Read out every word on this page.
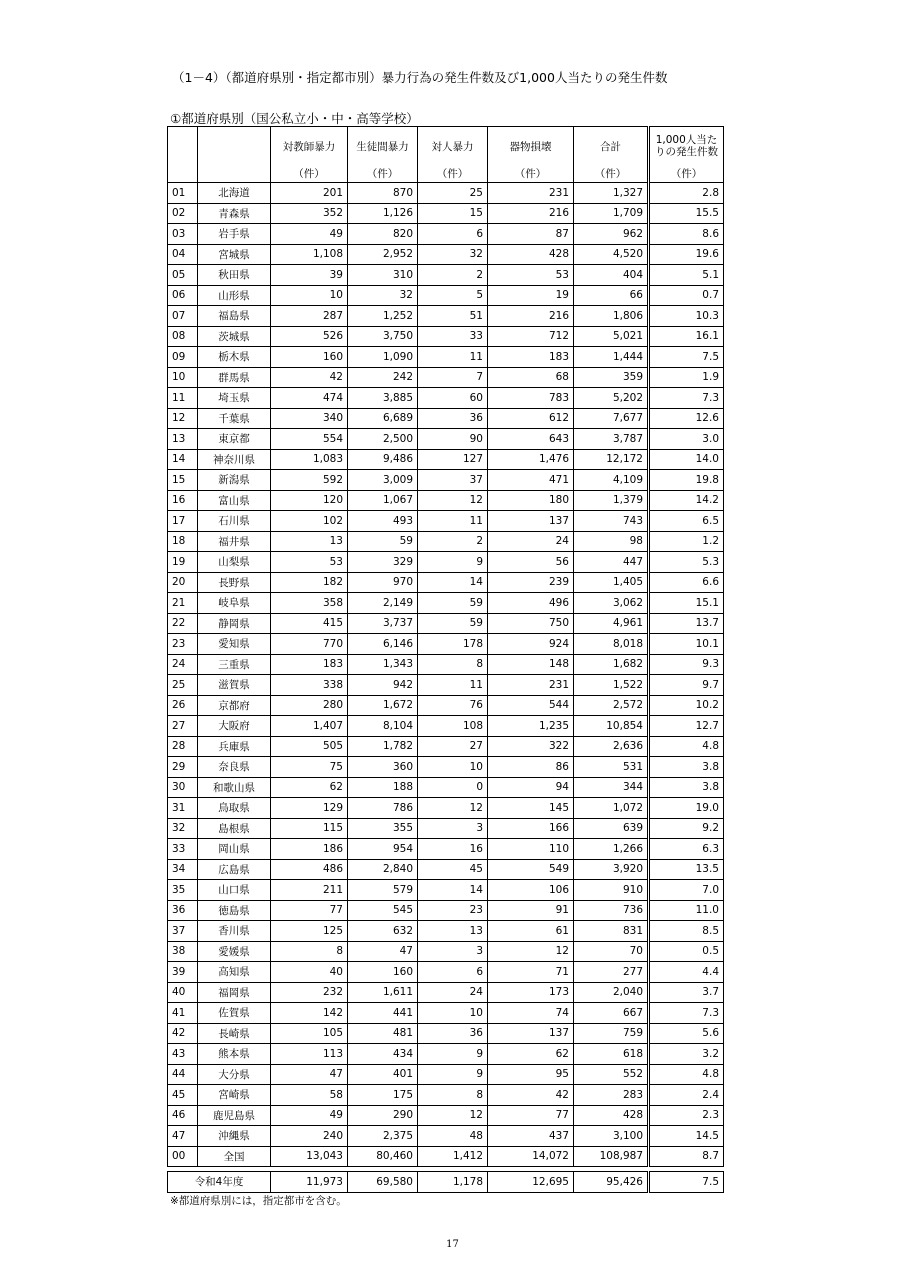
（1－4）（都道府県別・指定都市別）暴力行為の発生件数及び1,000人当たりの発生件数
①都道府県別（国公私立小・中・高等学校）
		対教師暴力	生徒間暴力	対人暴力	器物損壊	合計	1,000人当たりの発生件数
		（件）	（件）	（件）	（件）	（件）	（件）
01	北海道	201	870	25	231	1,327	2.8
02	青森県	352	1,126	15	216	1,709	15.5
03	岩手県	49	820	6	87	962	8.6
04	宮城県	1,108	2,952	32	428	4,520	19.6
05	秋田県	39	310	2	53	404	5.1
06	山形県	10	32	5	19	66	0.7
07	福島県	287	1,252	51	216	1,806	10.3
08	茨城県	526	3,750	33	712	5,021	16.1
09	栃木県	160	1,090	11	183	1,444	7.5
10	群馬県	42	242	7	68	359	1.9
11	埼玉県	474	3,885	60	783	5,202	7.3
12	千葉県	340	6,689	36	612	7,677	12.6
13	東京都	554	2,500	90	643	3,787	3.0
14	神奈川県	1,083	9,486	127	1,476	12,172	14.0
15	新潟県	592	3,009	37	471	4,109	19.8
16	富山県	120	1,067	12	180	1,379	14.2
17	石川県	102	493	11	137	743	6.5
18	福井県	13	59	2	24	98	1.2
19	山梨県	53	329	9	56	447	5.3
20	長野県	182	970	14	239	1,405	6.6
21	岐阜県	358	2,149	59	496	3,062	15.1
22	静岡県	415	3,737	59	750	4,961	13.7
23	愛知県	770	6,146	178	924	8,018	10.1
24	三重県	183	1,343	8	148	1,682	9.3
25	滋賀県	338	942	11	231	1,522	9.7
26	京都府	280	1,672	76	544	2,572	10.2
27	大阪府	1,407	8,104	108	1,235	10,854	12.7
28	兵庫県	505	1,782	27	322	2,636	4.8
29	奈良県	75	360	10	86	531	3.8
30	和歌山県	62	188	0	94	344	3.8
31	鳥取県	129	786	12	145	1,072	19.0
32	島根県	115	355	3	166	639	9.2
33	岡山県	186	954	16	110	1,266	6.3
34	広島県	486	2,840	45	549	3,920	13.5
35	山口県	211	579	14	106	910	7.0
36	徳島県	77	545	23	91	736	11.0
37	香川県	125	632	13	61	831	8.5
38	愛媛県	8	47	3	12	70	0.5
39	高知県	40	160	6	71	277	4.4
40	福岡県	232	1,611	24	173	2,040	3.7
41	佐賀県	142	441	10	74	667	7.3
42	長崎県	105	481	36	137	759	5.6
43	熊本県	113	434	9	62	618	3.2
44	大分県	47	401	9	95	552	4.8
45	宮崎県	58	175	8	42	283	2.4
46	鹿児島県	49	290	12	77	428	2.3
47	沖縄県	240	2,375	48	437	3,100	14.5
00	全国	13,043	80,460	1,412	14,072	108,987	8.7

令和4年度		11,973	69,580	1,178	12,695	95,426	7.5
※都道府県別には，指定都市を含む。
17
